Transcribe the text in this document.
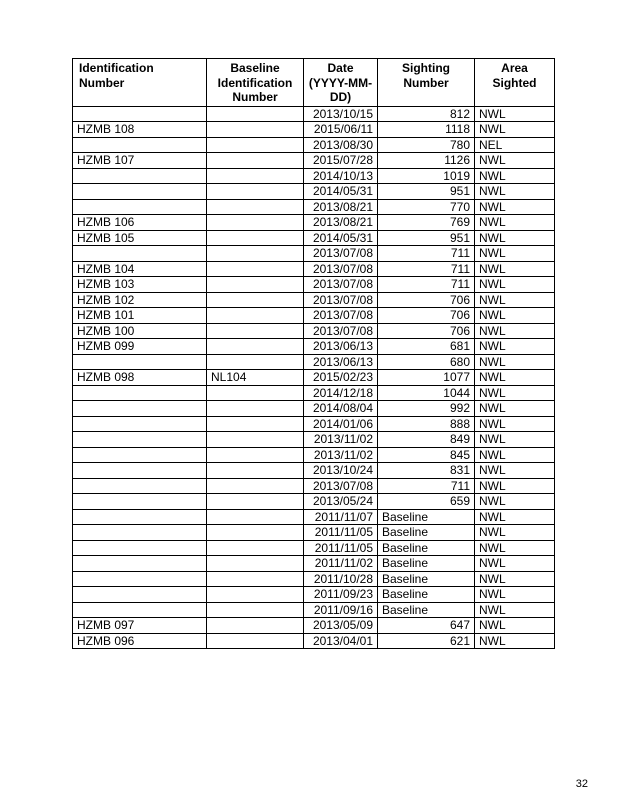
Identification Number	Baseline Identification Number	Date (YYYY-MM-DD)	Sighting Number	Area Sighted
		2013/10/15	812	NWL
HZMB 108		2015/06/11	1118	NWL
		2013/08/30	780	NEL
HZMB 107		2015/07/28	1126	NWL
		2014/10/13	1019	NWL
		2014/05/31	951	NWL
		2013/08/21	770	NWL
HZMB 106		2013/08/21	769	NWL
HZMB 105		2014/05/31	951	NWL
		2013/07/08	711	NWL
HZMB 104		2013/07/08	711	NWL
HZMB 103		2013/07/08	711	NWL
HZMB 102		2013/07/08	706	NWL
HZMB 101		2013/07/08	706	NWL
HZMB 100		2013/07/08	706	NWL
HZMB 099		2013/06/13	681	NWL
		2013/06/13	680	NWL
HZMB 098	NL104	2015/02/23	1077	NWL
		2014/12/18	1044	NWL
		2014/08/04	992	NWL
		2014/01/06	888	NWL
		2013/11/02	849	NWL
		2013/11/02	845	NWL
		2013/10/24	831	NWL
		2013/07/08	711	NWL
		2013/05/24	659	NWL
		2011/11/07	Baseline	NWL
		2011/11/05	Baseline	NWL
		2011/11/05	Baseline	NWL
		2011/11/02	Baseline	NWL
		2011/10/28	Baseline	NWL
		2011/09/23	Baseline	NWL
		2011/09/16	Baseline	NWL
HZMB 097		2013/05/09	647	NWL
HZMB 096		2013/04/01	621	NWL
32
